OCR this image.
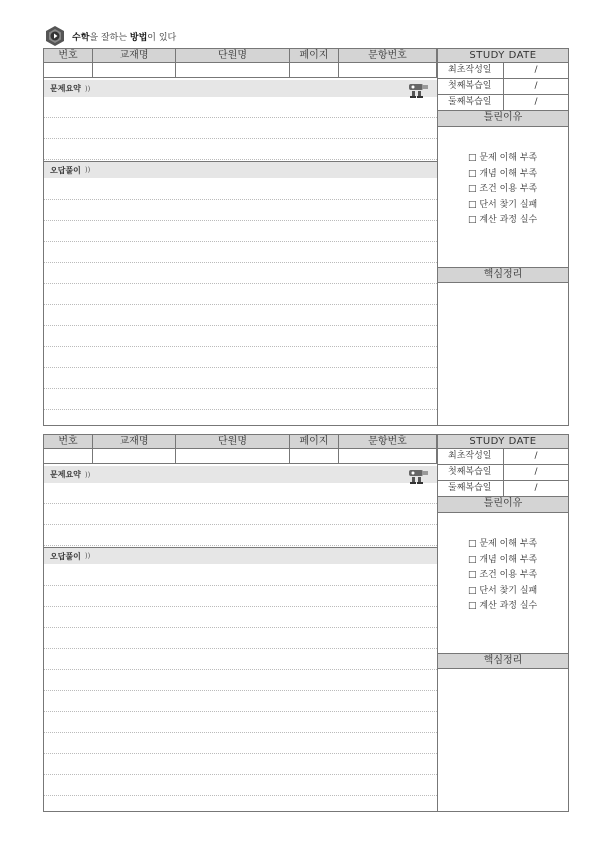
수학을 잘하는 방법이 있다
번호	교재명	단원명	페이지	문항번호
문제요약 ))
오답풀이 ))
STUDY DATE
최초작성일	/
첫째복습일	/
둘째복습일	/
틀린이유
□ 문제 이해 부족
□ 개념 이해 부족
□ 조건 이용 부족
□ 단서 찾기 실패
□ 계산 과정 실수
핵심정리
번호	교재명	단원명	페이지	문항번호
문제요약 ))
오답풀이 ))
STUDY DATE
최초작성일	/
첫째복습일	/
둘째복습일	/
틀린이유
□ 문제 이해 부족
□ 개념 이해 부족
□ 조건 이용 부족
□ 단서 찾기 실패
□ 계산 과정 실수
핵심정리
